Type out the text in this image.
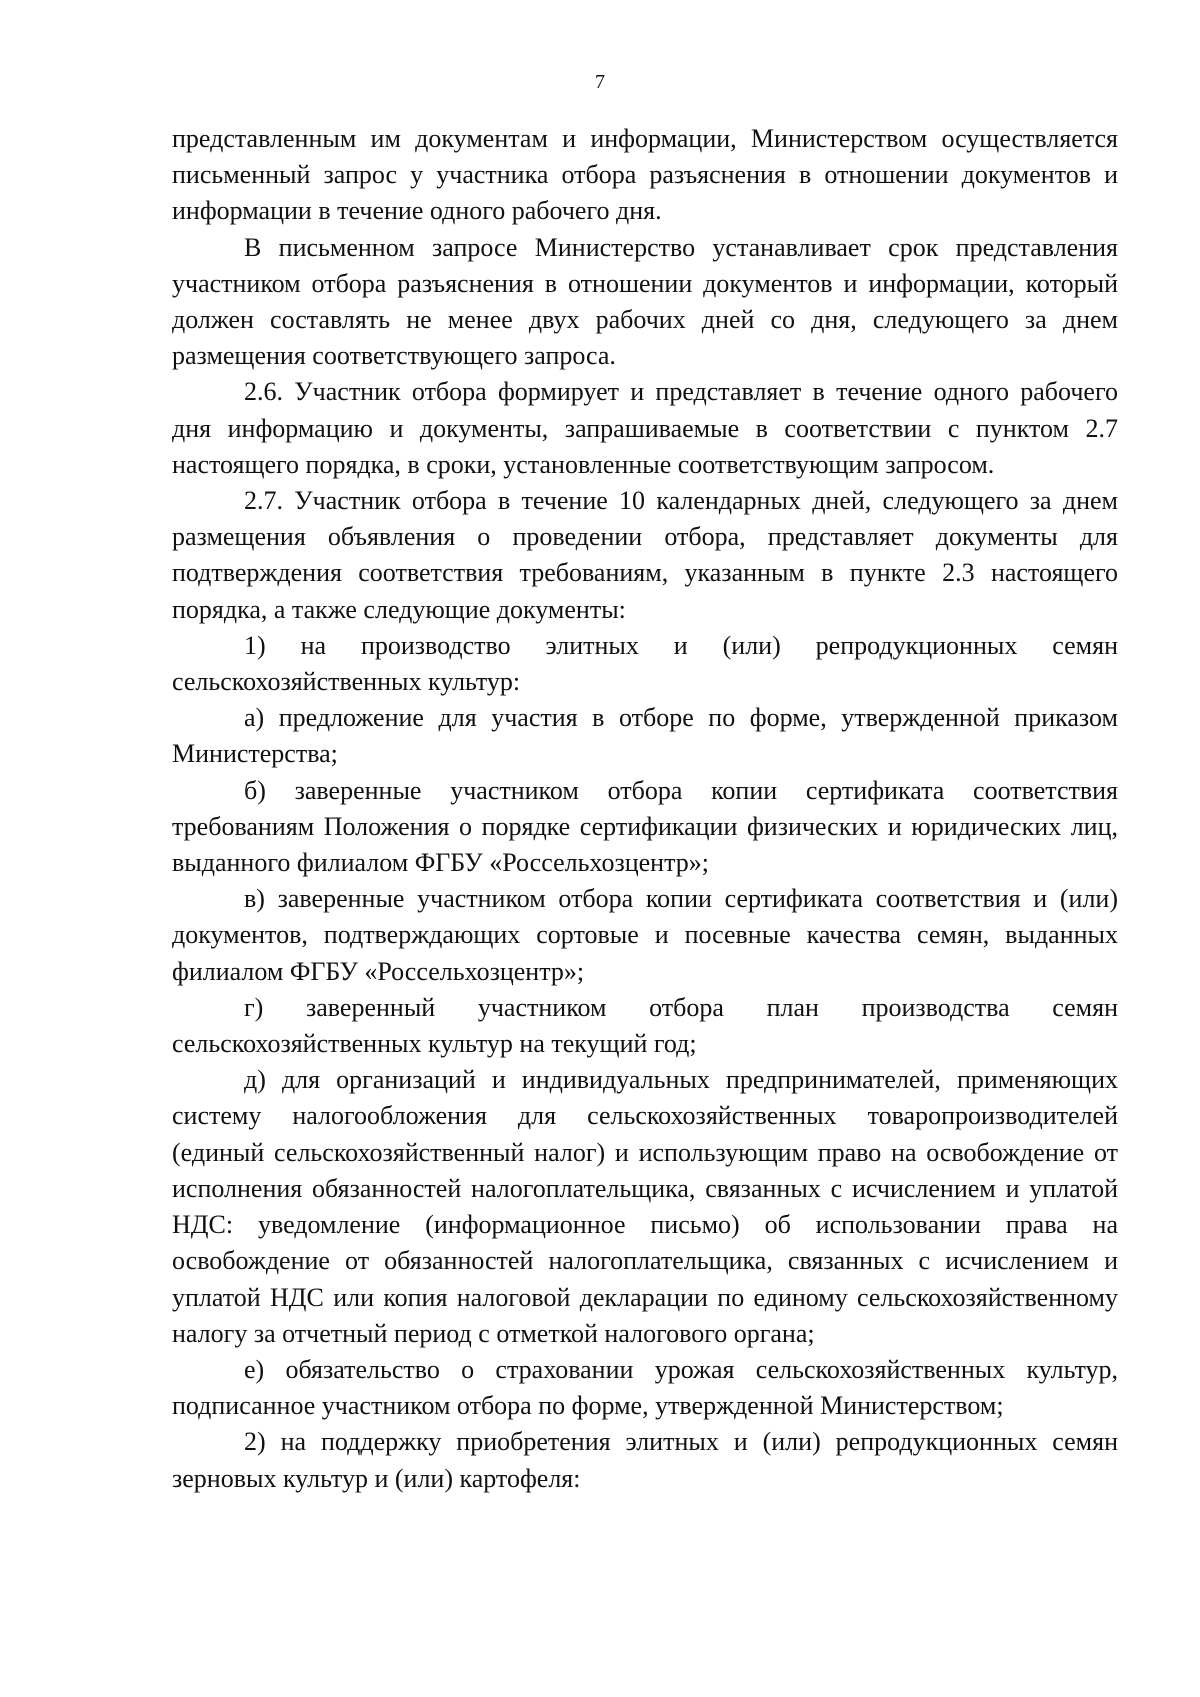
7

представленным им документам и информации, Министерством осуществляется письменный запрос у участника отбора разъяснения в отношении документов и информации в течение одного рабочего дня.

В письменном запросе Министерство устанавливает срок представления участником отбора разъяснения в отношении документов и информации, который должен составлять не менее двух рабочих дней со дня, следующего за днем размещения соответствующего запроса.

2.6. Участник отбора формирует и представляет в течение одного рабочего дня информацию и документы, запрашиваемые в соответствии с пунктом 2.7 настоящего порядка, в сроки, установленные соответствующим запросом.

2.7. Участник отбора в течение 10 календарных дней, следующего за днем размещения объявления о проведении отбора, представляет документы для подтверждения соответствия требованиям, указанным в пункте 2.3 настоящего порядка, а также следующие документы:

1) на производство элитных и (или) репродукционных семян сельскохозяйственных культур:

а) предложение для участия в отборе по форме, утвержденной приказом Министерства;

б) заверенные участником отбора копии сертификата соответствия требованиям Положения о порядке сертификации физических и юридических лиц, выданного филиалом ФГБУ «Россельхозцентр»;

в) заверенные участником отбора копии сертификата соответствия и (или) документов, подтверждающих сортовые и посевные качества семян, выданных филиалом ФГБУ «Россельхозцентр»;

г) заверенный участником отбора план производства семян сельскохозяйственных культур на текущий год;

д) для организаций и индивидуальных предпринимателей, применяющих систему налогообложения для сельскохозяйственных товаропроизводителей (единый сельскохозяйственный налог) и использующим право на освобождение от исполнения обязанностей налогоплательщика, связанных с исчислением и уплатой НДС: уведомление (информационное письмо) об использовании права на освобождение от обязанностей налогоплательщика, связанных с исчислением и уплатой НДС или копия налоговой декларации по единому сельскохозяйственному налогу за отчетный период с отметкой налогового органа;

е) обязательство о страховании урожая сельскохозяйственных культур, подписанное участником отбора по форме, утвержденной Министерством;

2) на поддержку приобретения элитных и (или) репродукционных семян зерновых культур и (или) картофеля:
